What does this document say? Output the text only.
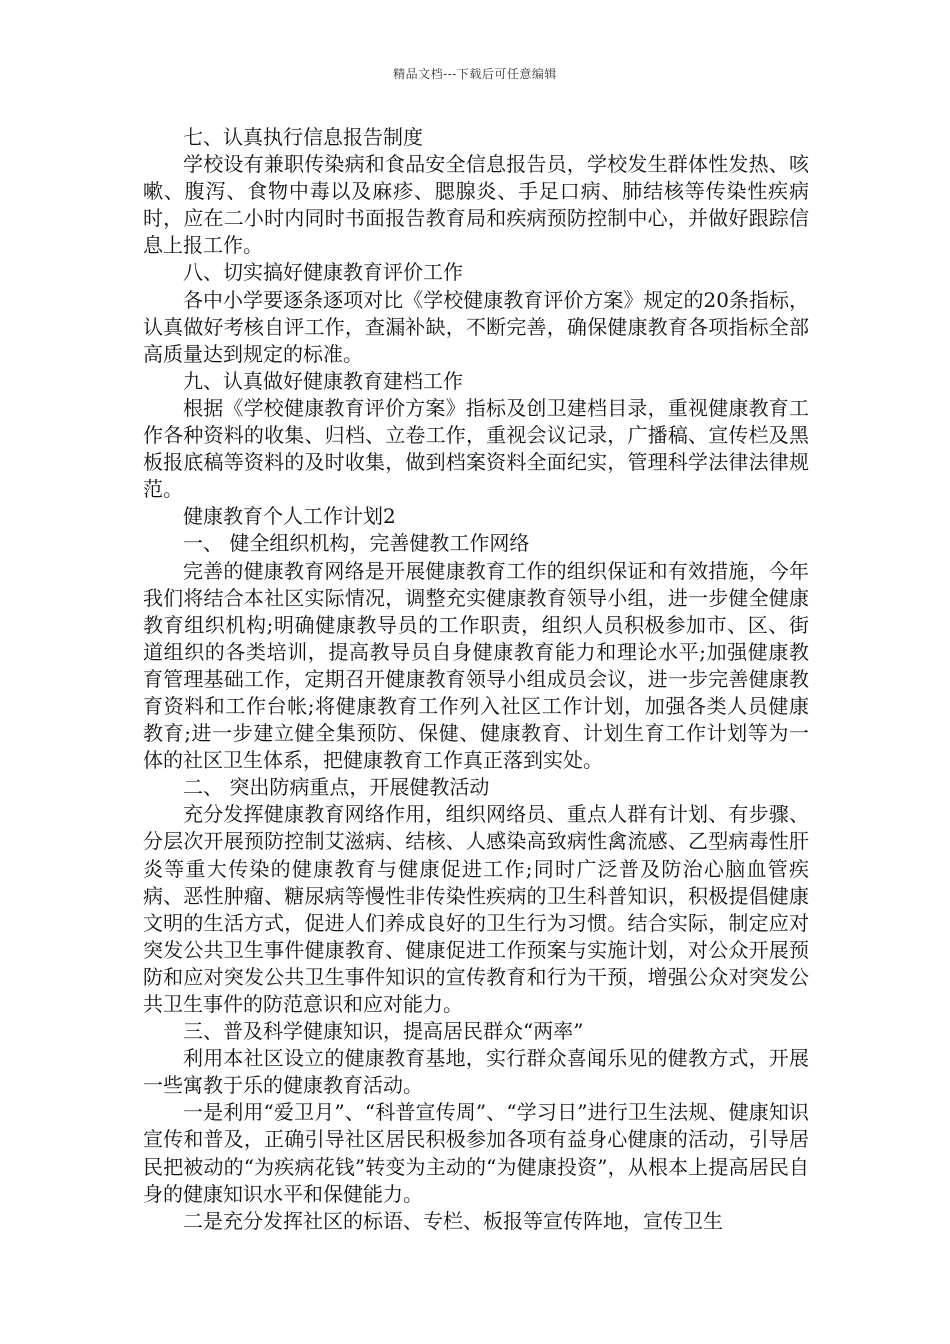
精品文档---下载后可任意编辑

七、认真执行信息报告制度

学校设有兼职传染病和食品安全信息报告员，学校发生群体性发热、咳嗽、腹泻、食物中毒以及麻疹、腮腺炎、手足口病、肺结核等传染性疾病时，应在二小时内同时书面报告教育局和疾病预防控制中心，并做好跟踪信息上报工作。

八、切实搞好健康教育评价工作

各中小学要逐条逐项对比《学校健康教育评价方案》规定的20条指标，认真做好考核自评工作，查漏补缺，不断完善，确保健康教育各项指标全部高质量达到规定的标准。

九、认真做好健康教育建档工作

根据《学校健康教育评价方案》指标及创卫建档目录，重视健康教育工作各种资料的收集、归档、立卷工作，重视会议记录，广播稿、宣传栏及黑板报底稿等资料的及时收集，做到档案资料全面纪实，管理科学法律法律规范。

健康教育个人工作计划2

一、 健全组织机构，完善健教工作网络

完善的健康教育网络是开展健康教育工作的组织保证和有效措施，今年我们将结合本社区实际情况，调整充实健康教育领导小组，进一步健全健康教育组织机构;明确健康教导员的工作职责，组织人员积极参加市、区、街道组织的各类培训，提高教导员自身健康教育能力和理论水平;加强健康教育管理基础工作，定期召开健康教育领导小组成员会议，进一步完善健康教育资料和工作台帐;将健康教育工作列入社区工作计划，加强各类人员健康教育;进一步建立健全集预防、保健、健康教育、计划生育工作计划等为一体的社区卫生体系，把健康教育工作真正落到实处。

二、 突出防病重点，开展健教活动

充分发挥健康教育网络作用，组织网络员、重点人群有计划、有步骤、分层次开展预防控制艾滋病、结核、人感染高致病性禽流感、乙型病毒性肝炎等重大传染的健康教育与健康促进工作;同时广泛普及防治心脑血管疾病、恶性肿瘤、糖尿病等慢性非传染性疾病的卫生科普知识，积极提倡健康文明的生活方式，促进人们养成良好的卫生行为习惯。结合实际，制定应对突发公共卫生事件健康教育、健康促进工作预案与实施计划，对公众开展预防和应对突发公共卫生事件知识的宣传教育和行为干预，增强公众对突发公共卫生事件的防范意识和应对能力。

三、普及科学健康知识，提高居民群众“两率”

利用本社区设立的健康教育基地，实行群众喜闻乐见的健教方式，开展一些寓教于乐的健康教育活动。

一是利用“爱卫月”、“科普宣传周”、“学习日”进行卫生法规、健康知识宣传和普及，正确引导社区居民积极参加各项有益身心健康的活动，引导居民把被动的“为疾病花钱”转变为主动的“为健康投资”，从根本上提高居民自身的健康知识水平和保健能力。

二是充分发挥社区的标语、专栏、板报等宣传阵地，宣传卫生
